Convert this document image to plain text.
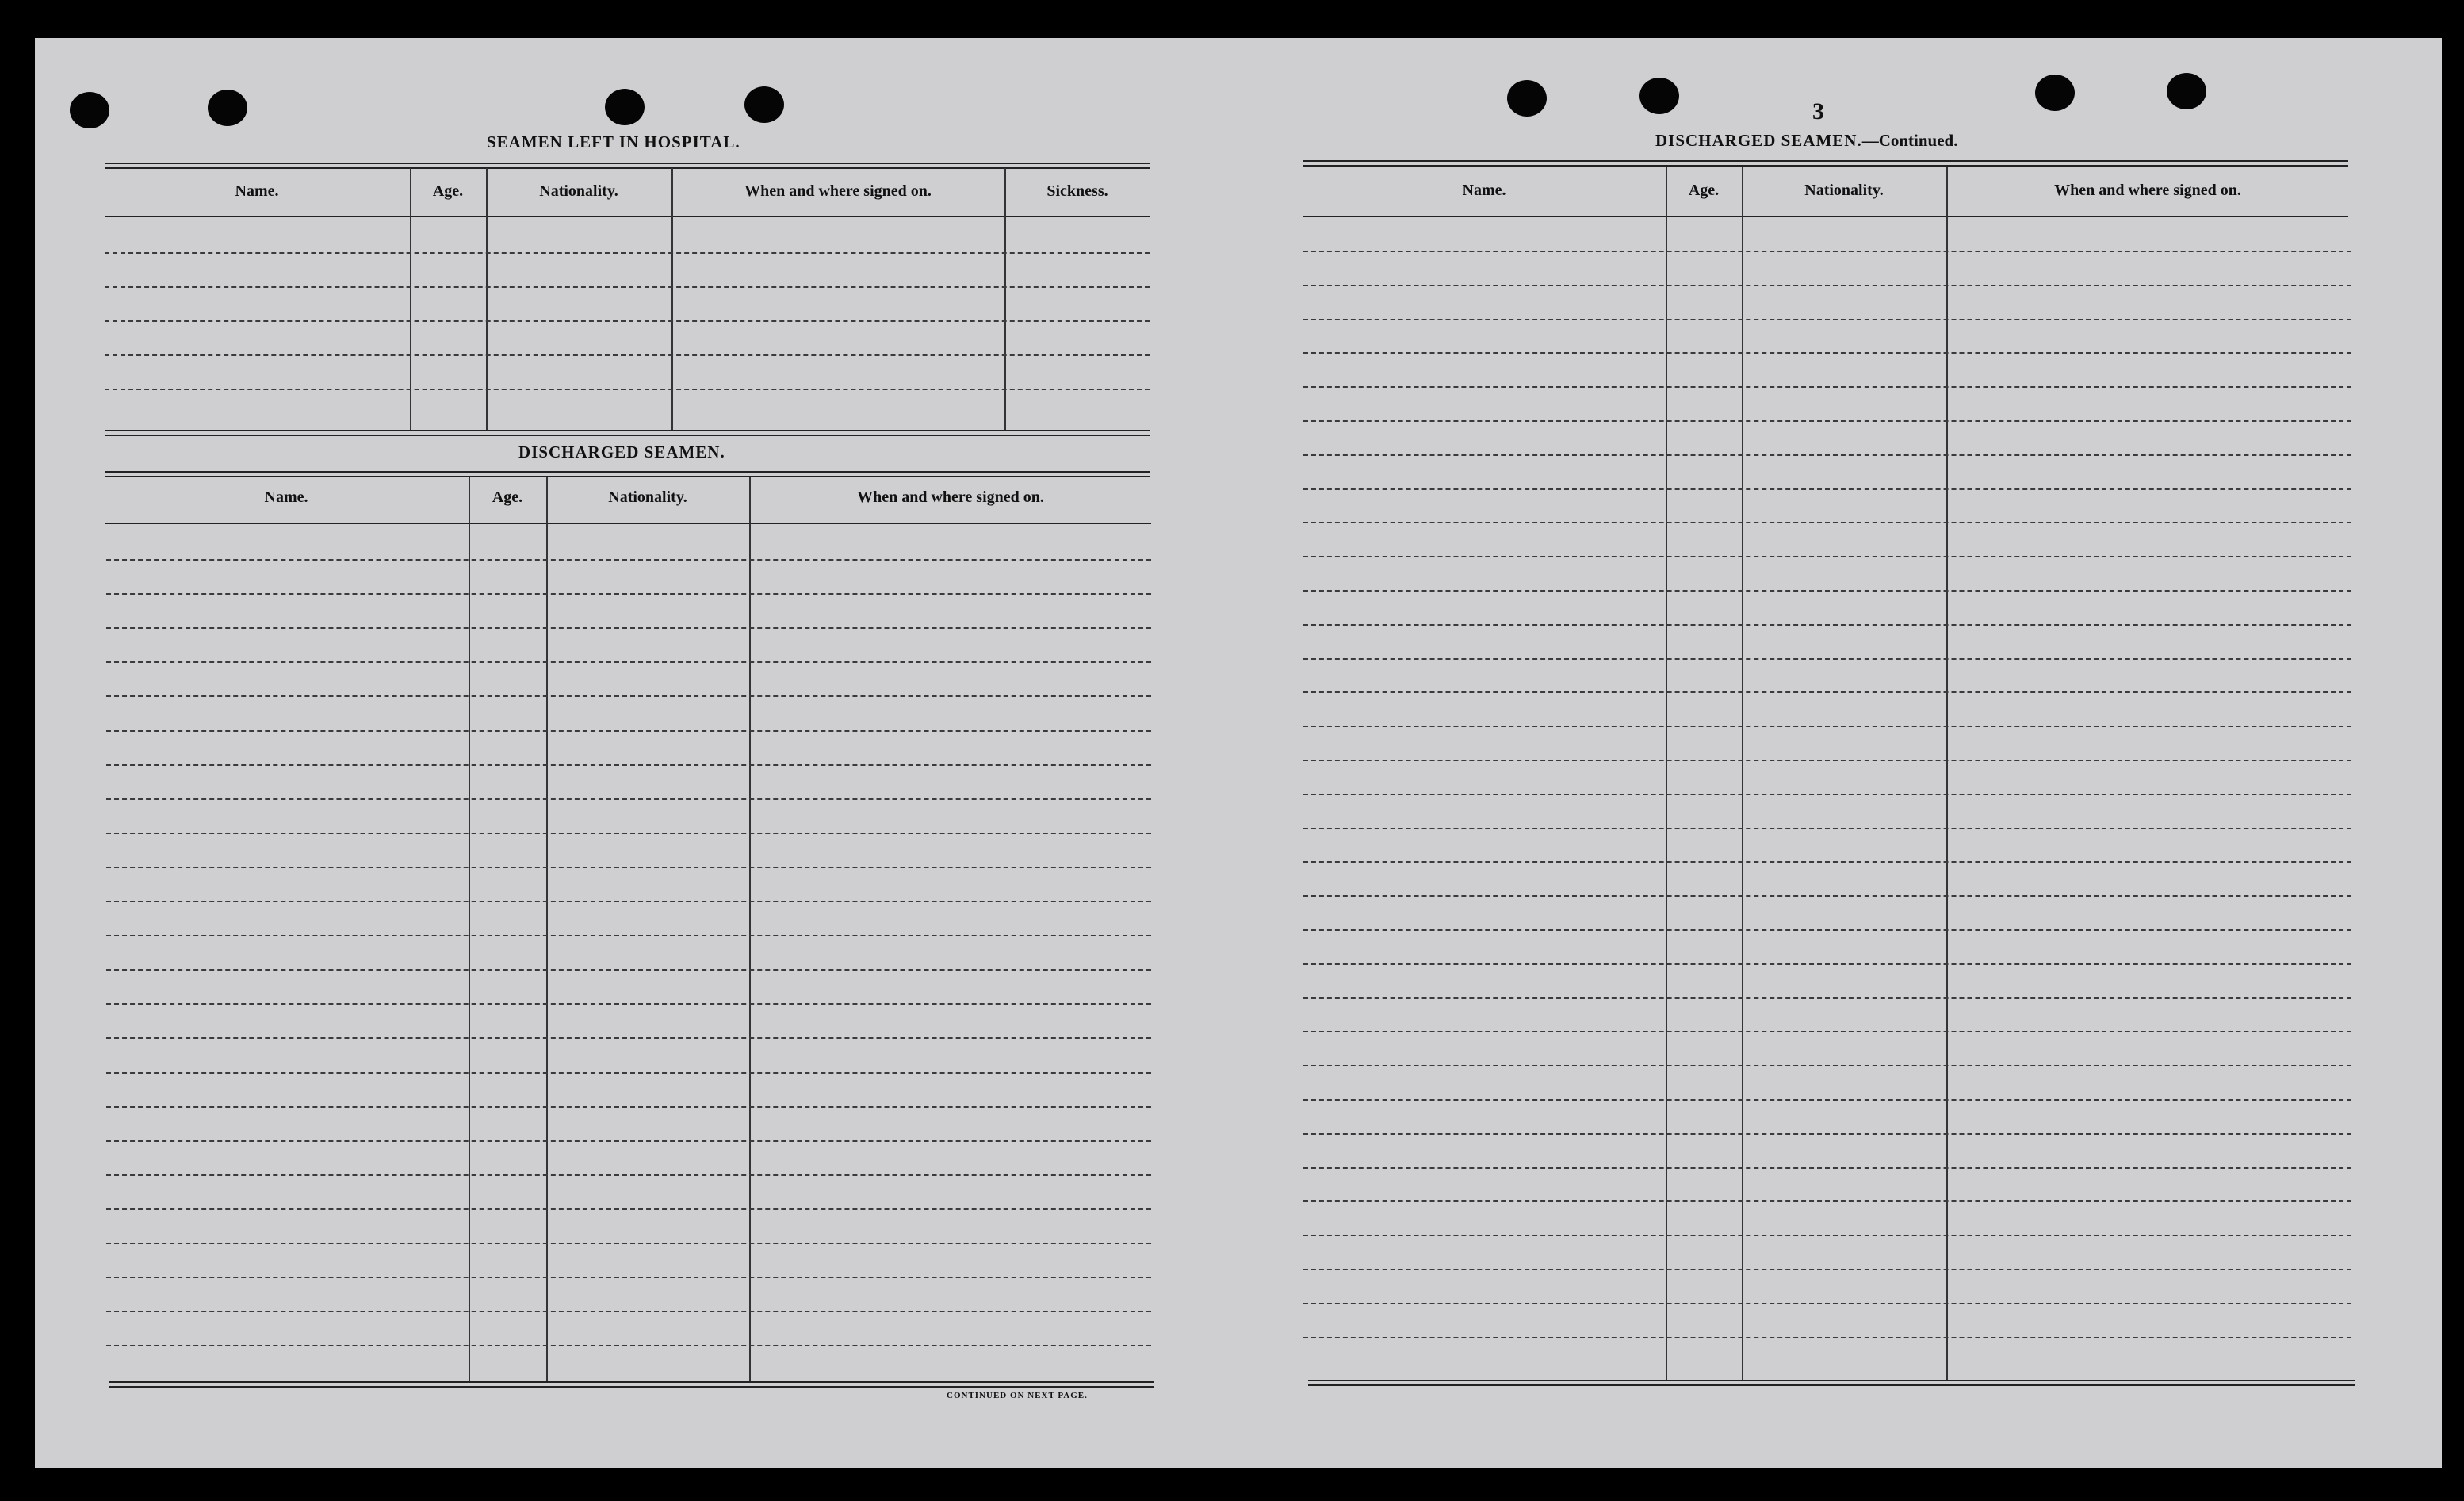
SEAMEN LEFT IN HOSPITAL.
Name.	Age.	Nationality.	When and where signed on.	Sickness.
DISCHARGED SEAMEN.
Name.	Age.	Nationality.	When and where signed on.
CONTINUED ON NEXT PAGE.
3
DISCHARGED SEAMEN.—Continued.
Name.	Age.	Nationality.	When and where signed on.
